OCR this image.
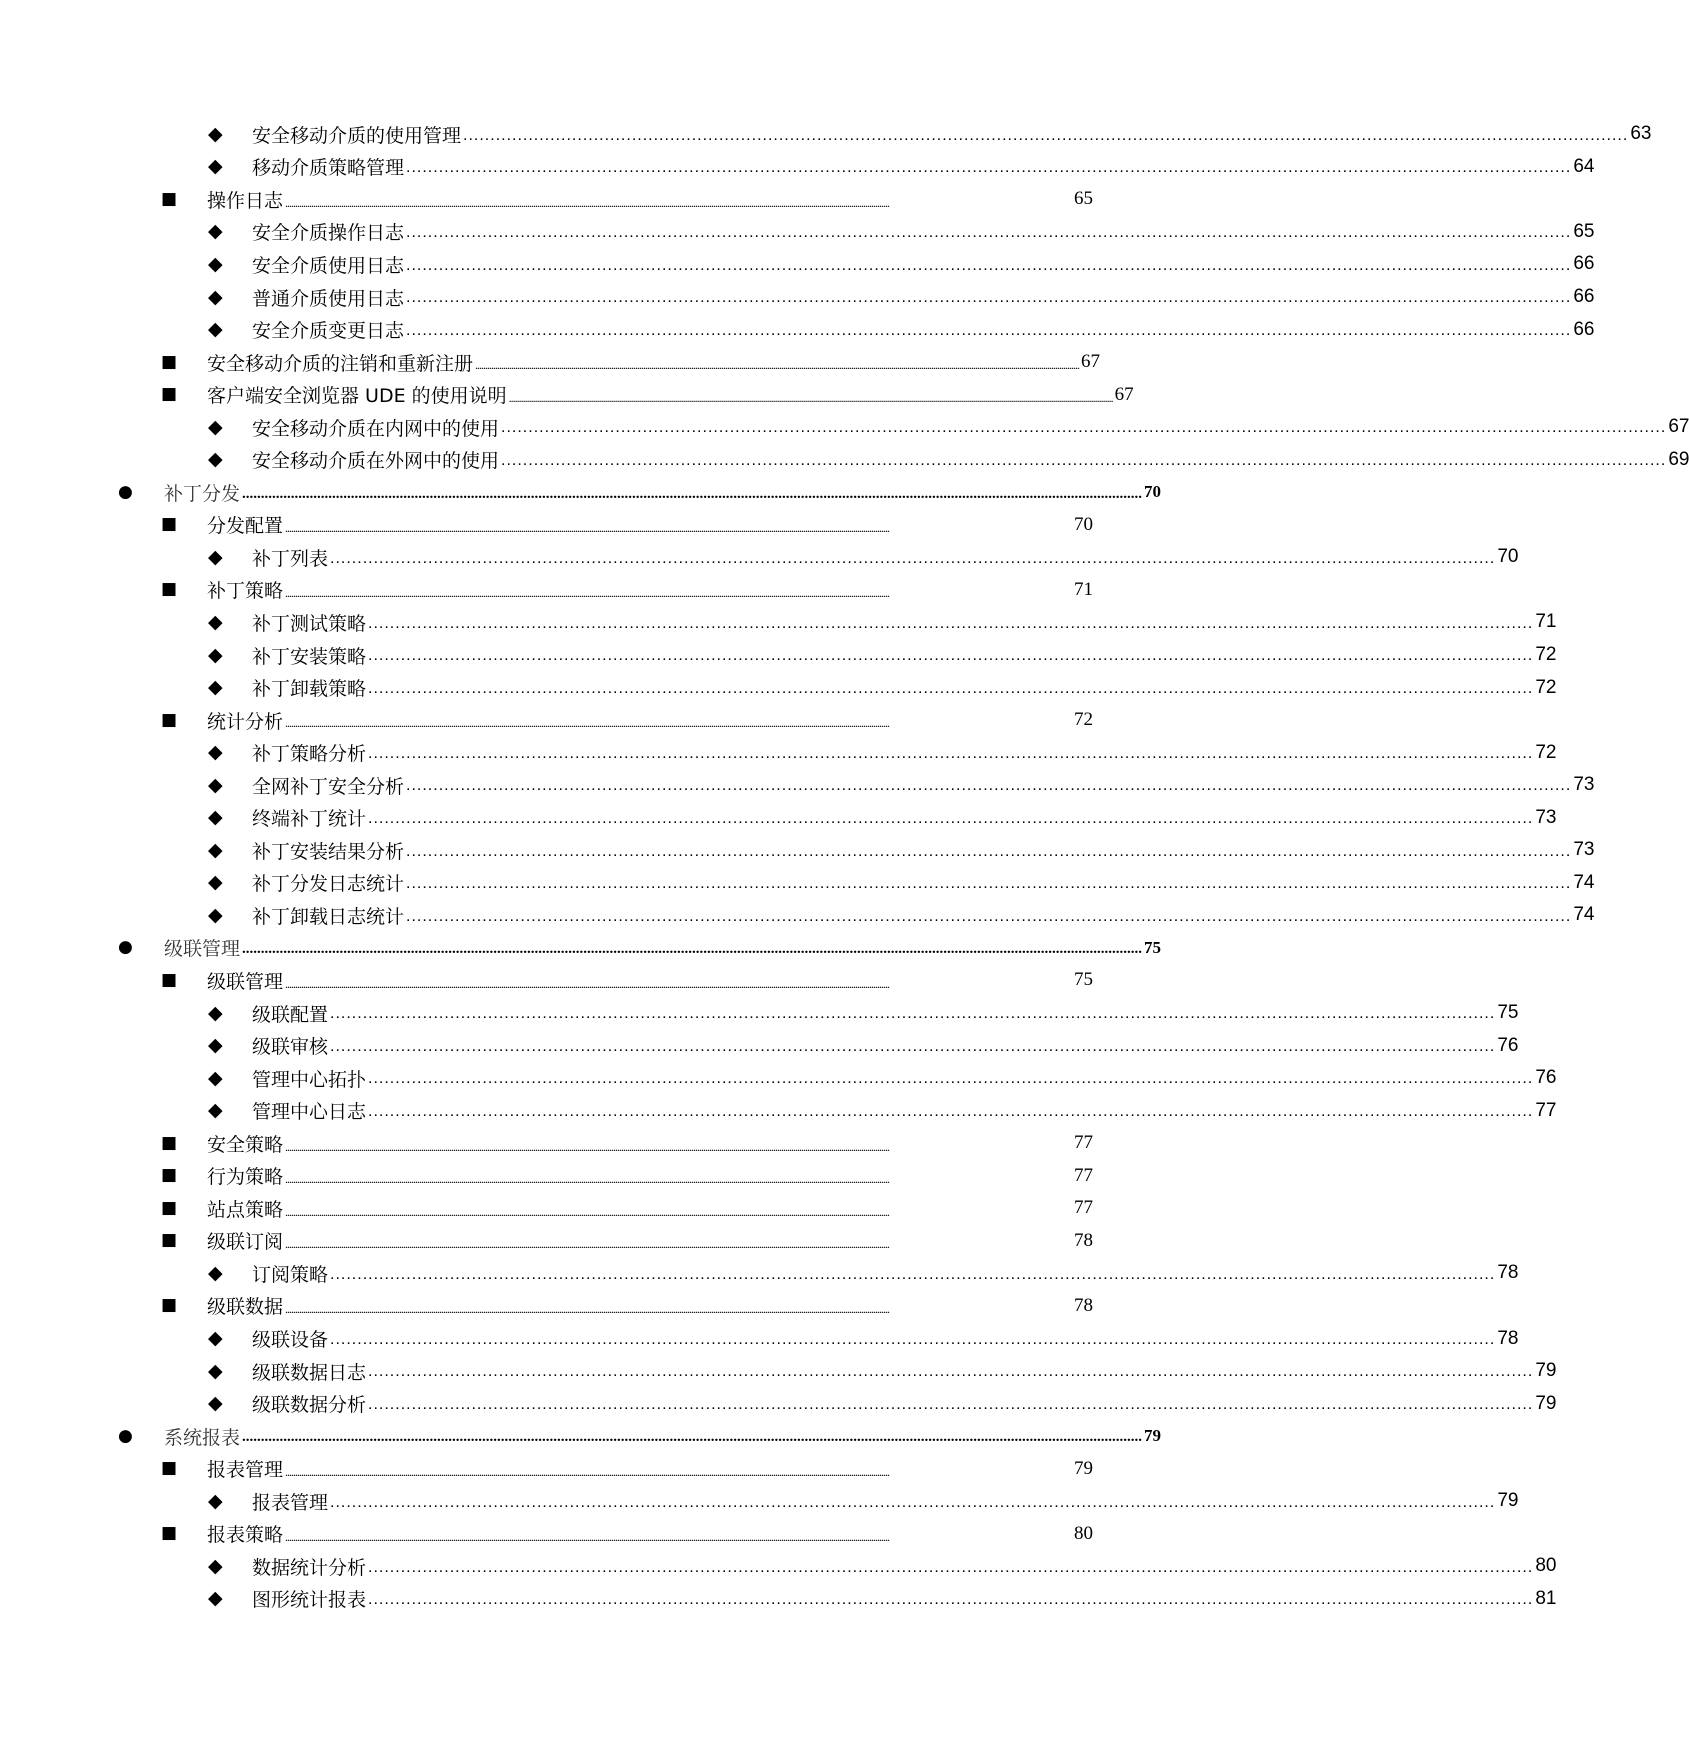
◆	安全移动介质的使用管理 ...................................................................................................................................................................................................................... 63
◆	移动介质策略管理 ...................................................................................................................................................................................................................... 64
■	操作日志 ..............................................................................................................................................................................................................................................................................................................	65
◆	安全介质操作日志 ...................................................................................................................................................................................................................... 65
◆	安全介质使用日志 ...................................................................................................................................................................................................................... 66
◆	普通介质使用日志 ...................................................................................................................................................................................................................... 66
◆	安全介质变更日志 ...................................................................................................................................................................................................................... 66
■	安全移动介质的注销和重新注册 .............................................................................................................................................................................................................................................................................................................. 67
■	客户端安全浏览器 UDE 的使用说明 .............................................................................................................................................................................................................................................................................................................. 67
◆	安全移动介质在内网中的使用 ...................................................................................................................................................................................................................... 67
◆	安全移动介质在外网中的使用 ...................................................................................................................................................................................................................... 69
●	补丁分发 ................................................................................................................................................................................................................................................ 70
■	分发配置 ..............................................................................................................................................................................................................................................................................................................	70
◆	补丁列表 ...................................................................................................................................................................................................................... 70
■	补丁策略 ..............................................................................................................................................................................................................................................................................................................	71
◆	补丁测试策略 ...................................................................................................................................................................................................................... 71
◆	补丁安装策略 ...................................................................................................................................................................................................................... 72
◆	补丁卸载策略 ...................................................................................................................................................................................................................... 72
■	统计分析 ..............................................................................................................................................................................................................................................................................................................	72
◆	补丁策略分析 ...................................................................................................................................................................................................................... 72
◆	全网补丁安全分析 ...................................................................................................................................................................................................................... 73
◆	终端补丁统计 ...................................................................................................................................................................................................................... 73
◆	补丁安装结果分析 ...................................................................................................................................................................................................................... 73
◆	补丁分发日志统计 ...................................................................................................................................................................................................................... 74
◆	补丁卸载日志统计 ...................................................................................................................................................................................................................... 74
●	级联管理 ................................................................................................................................................................................................................................................ 75
■	级联管理 ..............................................................................................................................................................................................................................................................................................................	75
◆	级联配置 ...................................................................................................................................................................................................................... 75
◆	级联审核 ...................................................................................................................................................................................................................... 76
◆	管理中心拓扑 ...................................................................................................................................................................................................................... 76
◆	管理中心日志 ...................................................................................................................................................................................................................... 77
■	安全策略 ..............................................................................................................................................................................................................................................................................................................	77
■	行为策略 ..............................................................................................................................................................................................................................................................................................................	77
■	站点策略 ..............................................................................................................................................................................................................................................................................................................	77
■	级联订阅 ..............................................................................................................................................................................................................................................................................................................	78
◆	订阅策略 ...................................................................................................................................................................................................................... 78
■	级联数据 ..............................................................................................................................................................................................................................................................................................................	78
◆	级联设备 ...................................................................................................................................................................................................................... 78
◆	级联数据日志 ...................................................................................................................................................................................................................... 79
◆	级联数据分析 ...................................................................................................................................................................................................................... 79
●	系统报表 ................................................................................................................................................................................................................................................ 79
■	报表管理 ..............................................................................................................................................................................................................................................................................................................	79
◆	报表管理 ...................................................................................................................................................................................................................... 79
■	报表策略 ..............................................................................................................................................................................................................................................................................................................	80
◆	数据统计分析 ...................................................................................................................................................................................................................... 80
◆	图形统计报表 ...................................................................................................................................................................................................................... 81
